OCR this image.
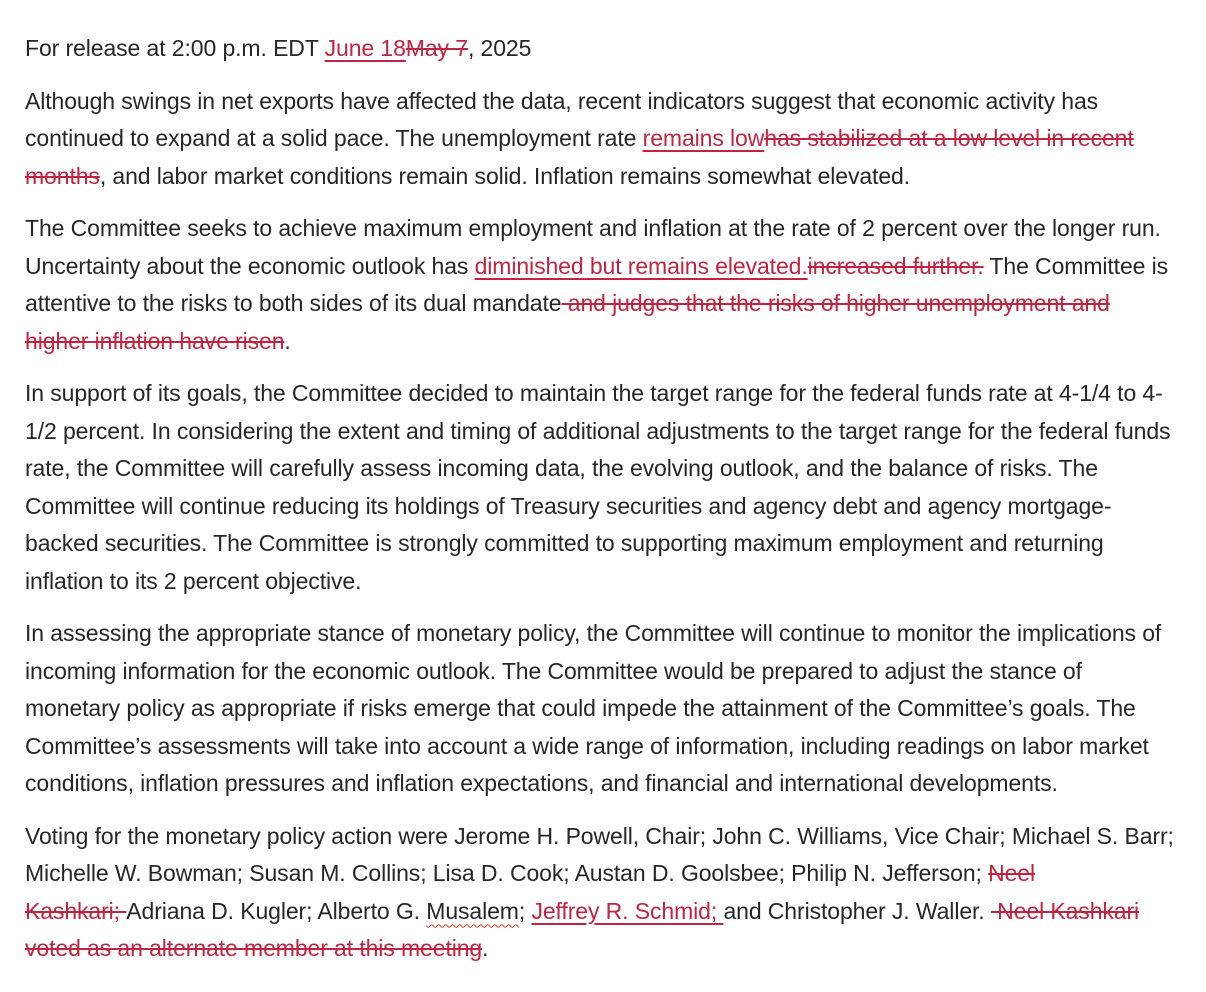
For release at 2:00 p.m. EDT June 18May 7, 2025

Although swings in net exports have affected the data, recent indicators suggest that economic activity has continued to expand at a solid pace. The unemployment rate remains lowhas stabilized at a low level in recent months, and labor market conditions remain solid. Inflation remains somewhat elevated.

The Committee seeks to achieve maximum employment and inflation at the rate of 2 percent over the longer run. Uncertainty about the economic outlook has diminished but remains elevated.increased further. The Committee is attentive to the risks to both sides of its dual mandate and judges that the risks of higher unemployment and higher inflation have risen.

In support of its goals, the Committee decided to maintain the target range for the federal funds rate at 4-1/4 to 4-1/2 percent. In considering the extent and timing of additional adjustments to the target range for the federal funds rate, the Committee will carefully assess incoming data, the evolving outlook, and the balance of risks. The Committee will continue reducing its holdings of Treasury securities and agency debt and agency mortgage-backed securities. The Committee is strongly committed to supporting maximum employment and returning inflation to its 2 percent objective.

In assessing the appropriate stance of monetary policy, the Committee will continue to monitor the implications of incoming information for the economic outlook. The Committee would be prepared to adjust the stance of monetary policy as appropriate if risks emerge that could impede the attainment of the Committee’s goals. The Committee’s assessments will take into account a wide range of information, including readings on labor market conditions, inflation pressures and inflation expectations, and financial and international developments.

Voting for the monetary policy action were Jerome H. Powell, Chair; John C. Williams, Vice Chair; Michael S. Barr; Michelle W. Bowman; Susan M. Collins; Lisa D. Cook; Austan D. Goolsbee; Philip N. Jefferson; Neel Kashkari; Adriana D. Kugler; Alberto G. Musalem; Jeffrey R. Schmid; and Christopher J. Waller.  Neel Kashkari voted as an alternate member at this meeting.
